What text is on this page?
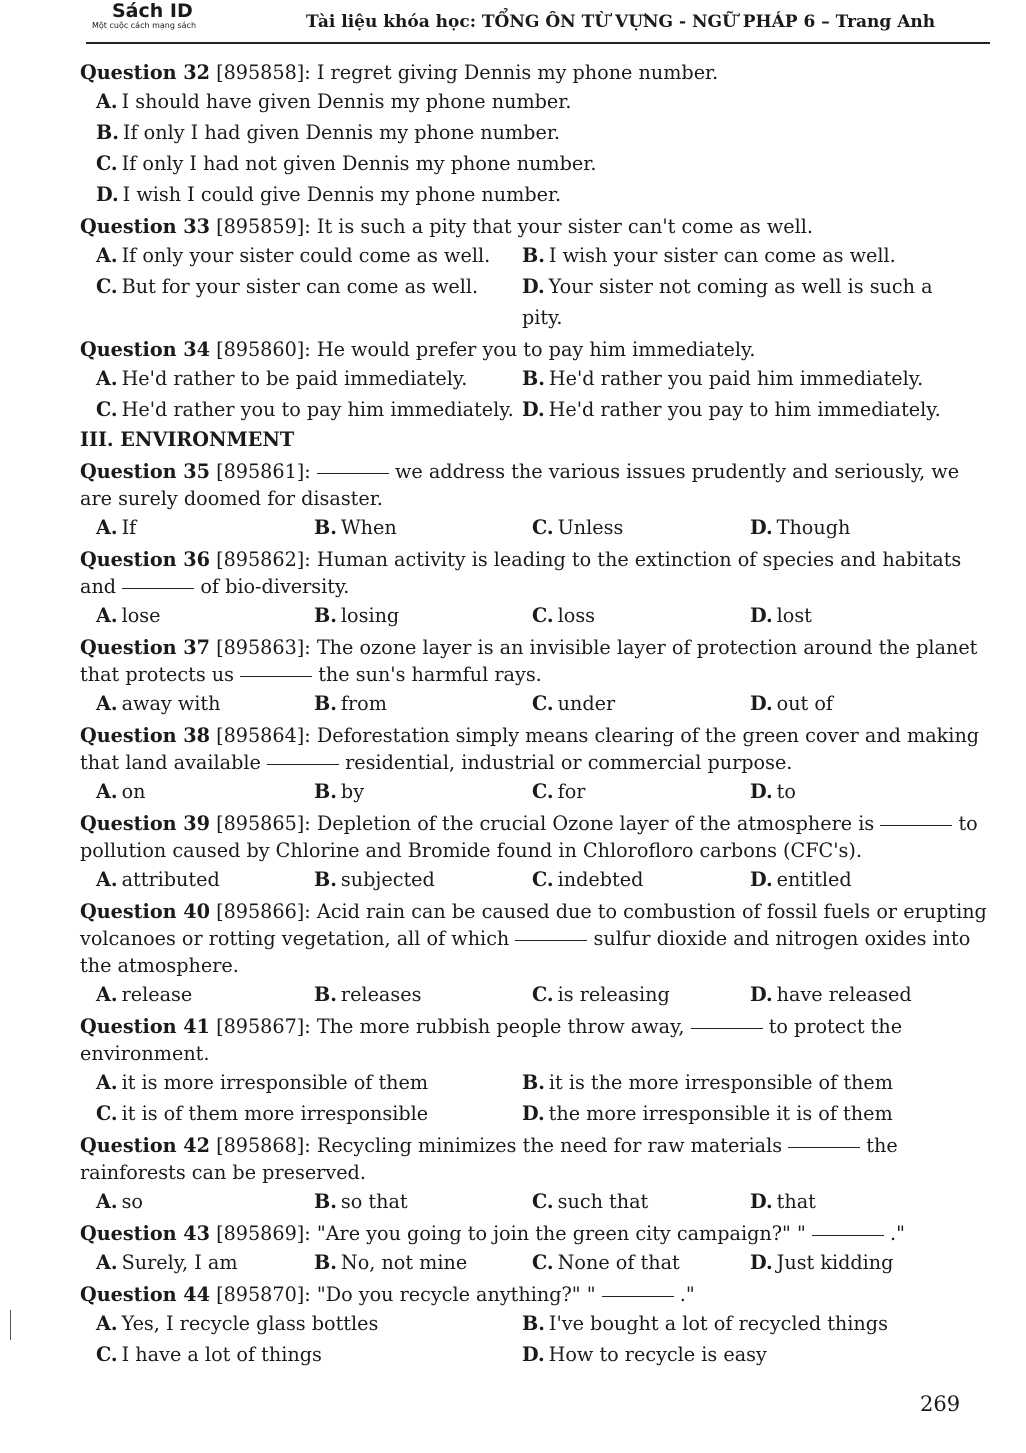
Sách ID
Một cuộc cách mạng sách	Tài liệu khóa học: TỔNG ÔN TỪ VỰNG - NGỮ PHÁP 6 – Trang Anh
Question 32 [895858]: I regret giving Dennis my phone number.
A. I should have given Dennis my phone number.
B. If only I had given Dennis my phone number.
C. If only I had not given Dennis my phone number.
D. I wish I could give Dennis my phone number.
Question 33 [895859]: It is such a pity that your sister can't come as well.
A. If only your sister could come as well.	B. I wish your sister can come as well.
C. But for your sister can come as well.	D. Your sister not coming as well is such a pity.
Question 34 [895860]: He would prefer you to pay him immediately.
A. He'd rather to be paid immediately.	B. He'd rather you paid him immediately.
C. He'd rather you to pay him immediately. D. He'd rather you pay to him immediately.
III. ENVIRONMENT
Question 35 [895861]:	we address the various issues prudently and seriously, we are surely doomed for disaster.
A. If	B. When	C. Unless	D. Though
Question 36 [895862]: Human activity is leading to the extinction of species and habitats and	of bio-diversity.
A. lose	B. losing	C. loss	D. lost
Question 37 [895863]: The ozone layer is an invisible layer of protection around the planet that protects us	the sun's harmful rays.
A. away with	B. from	C. under	D. out of
Question 38 [895864]: Deforestation simply means clearing of the green cover and making that land available	residential, industrial or commercial purpose.
A. on	B. by	C. for	D. to
Question 39 [895865]: Depletion of the crucial Ozone layer of the atmosphere is	to pollution caused by Chlorine and Bromide found in Chlorofloro carbons (CFC's).
A. attributed	B. subjected	C. indebted	D. entitled
Question 40 [895866]: Acid rain can be caused due to combustion of fossil fuels or erupting volcanoes or rotting vegetation, all of which	sulfur dioxide and nitrogen oxides into the atmosphere.
A. release	B. releases	C. is releasing	D. have released
Question 41 [895867]: The more rubbish people throw away,	to protect the environment.
A. it is more irresponsible of them	B. it is the more irresponsible of them
C. it is of them more irresponsible	D. the more irresponsible it is of them
Question 42 [895868]: Recycling minimizes the need for raw materials	the rainforests can be preserved.
A. so	B. so that	C. such that	D. that
Question 43 [895869]: "Are you going to join the green city campaign?" "	."
A. Surely, I am	B. No, not mine	C. None of that	D. Just kidding
Question 44 [895870]: "Do you recycle anything?" "	."
A. Yes, I recycle glass bottles	B. I've bought a lot of recycled things
C. I have a lot of things	D. How to recycle is easy
269
